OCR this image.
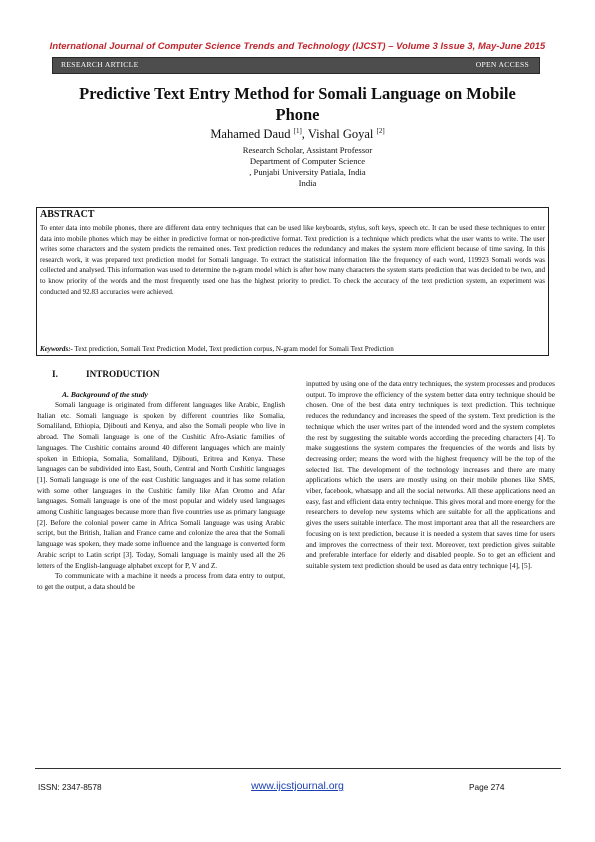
International Journal of Computer Science Trends and Technology (IJCST) – Volume 3 Issue 3, May-June 2015
RESEARCH ARTICLE	OPEN ACCESS
Predictive Text Entry Method for Somali Language on Mobile Phone
Mahamed Daud [1], Vishal Goyal [2]
Research Scholar, Assistant Professor
Department of Computer Science
, Punjabi University Patiala, India
India
ABSTRACT
To enter data into mobile phones, there are different data entry techniques that can be used like keyboards, stylus, soft keys, speech etc. It can be used these techniques to enter data into mobile phones which may be either in predictive format or non-predictive format. Text prediction is a technique which predicts what the user wants to write. The user writes some characters and the system predicts the remained ones. Text prediction reduces the redundancy and makes the system more efficient because of time saving. In this research work, it was prepared text prediction model for Somali language. To extract the statistical information like the frequency of each word, 119923 Somali words was collected and analysed. This information was used to determine the n-gram model which is after how many characters the system starts prediction that was decided to be two, and to know priority of the words and the most frequently used one has the highest priority to predict. To check the accuracy of the text prediction system, an experiment was conducted and 92.83 accuracies were achieved.
Keywords:- Text prediction, Somali Text Prediction Model, Text prediction corpus, N-gram model for Somali Text Prediction
I.	INTRODUCTION
A. Background of the study

Somali language is originated from different languages like Arabic, English Italian etc. Somali language is spoken by different countries like Somalia, Somaliland, Ethiopia, Djibouti and Kenya, and also the Somali people who live in abroad. The Somali language is one of the Cushitic Afro-Asiatic families of languages. The Cushitic contains around 40 different languages which are mainly spoken in Ethiopia, Somalia, Somaliland, Djibouti, Eritrea and Kenya. These languages can be subdivided into East, South, Central and North Cushitic languages [1]. Somali language is one of the east Cushitic languages and it has some relation with some other languages in the Cushitic family like Afan Oromo and Afar languages. Somali language is one of the most popular and widely used languages among Cushitic languages because more than five countries use as primary language [2]. Before the colonial power came in Africa Somali language was using Arabic script, but the British, Italian and France came and colonize the area that the Somali language was spoken, they made some influence and the language is converted form Arabic script to Latin script [3]. Today, Somali language is mainly used all the 26 letters of the English-language alphabet except for P, V and Z.

To communicate with a machine it needs a process from data entry to output, to get the output, a data should be

inputted by using one of the data entry techniques, the system processes and produces output. To improve the efficiency of the system better data entry technique should be chosen. One of the best data entry techniques is text prediction. This technique reduces the redundancy and increases the speed of the system. Text prediction is the technique which the user writes part of the intended word and the system completes the rest by suggesting the suitable words according the preceding characters [4]. To make suggestions the system compares the frequencies of the words and lists by decreasing order; means the word with the highest frequency will be the top of the selected list. The development of the technology increases and there are many applications which the users are mostly using on their mobile phones like SMS, viber, facebook, whatsapp and all the social networks. All these applications need an easy, fast and efficient data entry technique. This gives moral and more energy for the researchers to develop new systems which are suitable for all the applications and gives the users suitable interface. The most important area that all the researchers are focusing on is text prediction, because it is needed a system that saves time for users and improves the correctness of their text. Moreover, text prediction gives suitable and preferable interface for elderly and disabled people. So to get an efficient and suitable system text prediction should be used as data entry technique [4], [5].

ISSN: 2347-8578	www.ijcstjournal.org	Page 274
